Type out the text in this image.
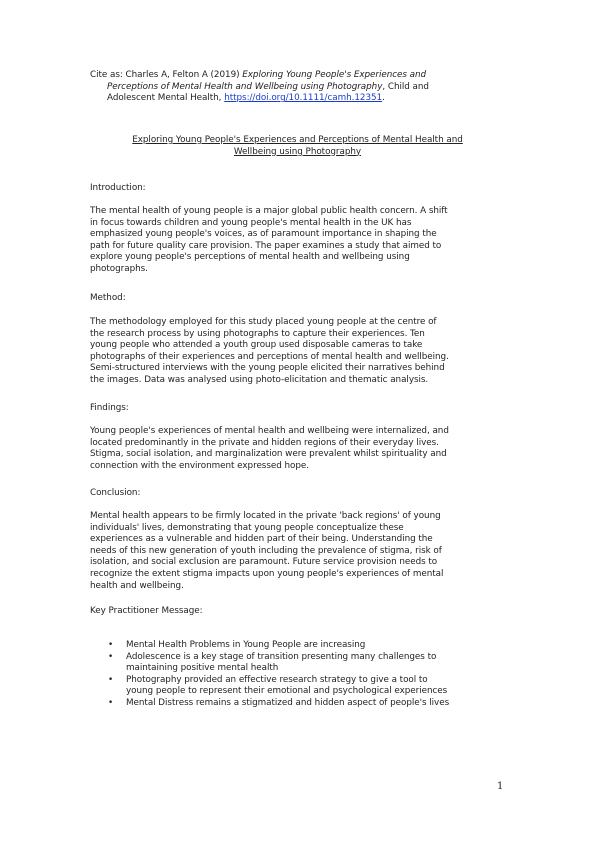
Cite as: Charles A, Felton A (2019) Exploring Young People's Experiences and
Perceptions of Mental Health and Wellbeing using Photography, Child and
Adolescent Mental Health, https://doi.org/10.1111/camh.12351.
Exploring Young People's Experiences and Perceptions of Mental Health and
Wellbeing using Photography
Introduction:
The mental health of young people is a major global public health concern. A shift
in focus towards children and young people's mental health in the UK has
emphasized young people's voices, as of paramount importance in shaping the
path for future quality care provision. The paper examines a study that aimed to
explore young people's perceptions of mental health and wellbeing using
photographs.
Method:
The methodology employed for this study placed young people at the centre of
the research process by using photographs to capture their experiences. Ten
young people who attended a youth group used disposable cameras to take
photographs of their experiences and perceptions of mental health and wellbeing.
Semi-structured interviews with the young people elicited their narratives behind
the images. Data was analysed using photo-elicitation and thematic analysis.
Findings:
Young people's experiences of mental health and wellbeing were internalized, and
located predominantly in the private and hidden regions of their everyday lives.
Stigma, social isolation, and marginalization were prevalent whilst spirituality and
connection with the environment expressed hope.
Conclusion:
Mental health appears to be firmly located in the private 'back regions' of young
individuals' lives, demonstrating that young people conceptualize these
experiences as a vulnerable and hidden part of their being. Understanding the
needs of this new generation of youth including the prevalence of stigma, risk of
isolation, and social exclusion are paramount. Future service provision needs to
recognize the extent stigma impacts upon young people's experiences of mental
health and wellbeing.
Key Practitioner Message:
• Mental Health Problems in Young People are increasing
• Adolescence is a key stage of transition presenting many challenges to
maintaining positive mental health
• Photography provided an effective research strategy to give a tool to
young people to represent their emotional and psychological experiences
• Mental Distress remains a stigmatized and hidden aspect of people's lives
1
